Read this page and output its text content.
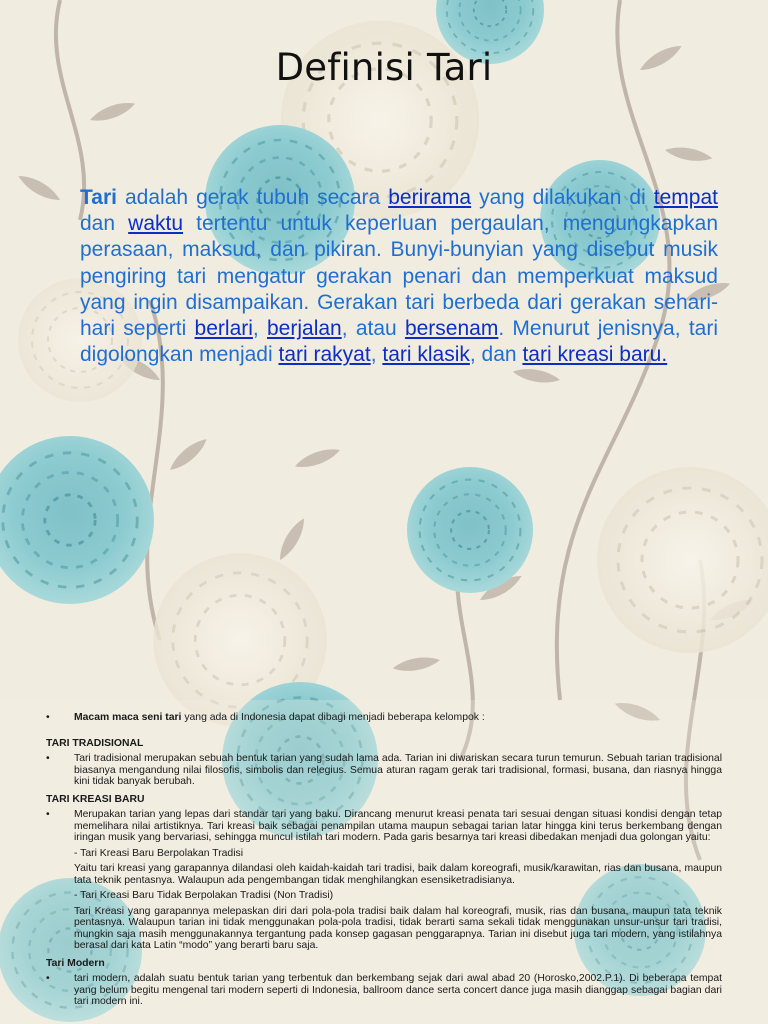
Definisi Tari

Tari adalah gerak tubuh secara berirama yang dilakukan di tempat dan waktu tertentu untuk keperluan pergaulan, mengungkapkan perasaan, maksud, dan pikiran. Bunyi-bunyian yang disebut musik pengiring tari mengatur gerakan penari dan memperkuat maksud yang ingin disampaikan. Gerakan tari berbeda dari gerakan sehari-hari seperti berlari, berjalan, atau bersenam. Menurut jenisnya, tari digolongkan menjadi tari rakyat, tari klasik, dan tari kreasi baru.

•	Macam maca seni tari yang ada di Indonesia dapat dibagi menjadi beberapa kelompok :

TARI TRADISIONAL

•	Tari tradisional merupakan sebuah bentuk tarian yang sudah lama ada. Tarian ini diwariskan secara turun temurun. Sebuah tarian tradisional biasanya mengandung nilai filosofis, simbolis dan relegius. Semua aturan ragam gerak tari tradisional, formasi, busana, dan riasnya hingga kini tidak banyak berubah.

TARI KREASI BARU

•	Merupakan tarian yang lepas dari standar tari yang baku. Dirancang menurut kreasi penata tari sesuai dengan situasi kondisi dengan tetap memelihara nilai artistiknya. Tari kreasi baik sebagai penampilan utama maupun sebagai tarian latar hingga kini terus berkembang dengan iringan musik yang bervariasi, sehingga muncul istilah tari modern. Pada garis besarnya tari kreasi dibedakan menjadi dua golongan yaitu:

- Tari Kreasi Baru Berpolakan Tradisi

Yaitu tari kreasi yang garapannya dilandasi oleh kaidah-kaidah tari tradisi, baik dalam koreografi, musik/karawitan, rias dan busana, maupun tata teknik pentasnya. Walaupun ada pengembangan tidak menghilangkan esensiketradisianya.

- Tari Kreasi Baru Tidak Berpolakan Tradisi (Non Tradisi)

Tari Kreasi yang garapannya melepaskan diri dari pola-pola tradisi baik dalam hal koreografi, musik, rias dan busana, maupun tata teknik pentasnya. Walaupun tarian ini tidak menggunakan pola-pola tradisi, tidak berarti sama sekali tidak menggunakan unsur-unsur tari tradisi, mungkin saja masih menggunakannya tergantung pada konsep gagasan penggarapnya. Tarian ini disebut juga tari modern, yang istilahnya berasal dari kata Latin “modo” yang berarti baru saja.

Tari Modern

•	tari modern, adalah suatu bentuk tarian yang terbentuk dan berkembang sejak dari awal abad 20 (Horosko,2002.P.1). Di beberapa tempat yang belum begitu mengenal tari modern seperti di Indonesia, ballroom dance serta concert dance juga masih dianggap sebagai bagian dari tari modern ini.
